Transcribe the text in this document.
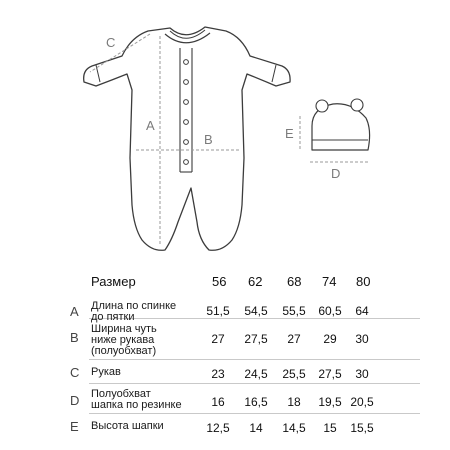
A
B
C
E
D
Размер	56 62 68 74 80
A Длина по спинке
до пятки	51,5	54,5	55,5	60,5	64
B
Ширина чуть
ниже рукава
(полуобхват)
27	27,5	27	29	30
C Рукав	23	24,5	25,5	27,5	30
D Полуобхват
шапка по резинке	16	16,5	18	19,5 20,5
E Высота шапки	12,5	14	14,5	15	15,5
